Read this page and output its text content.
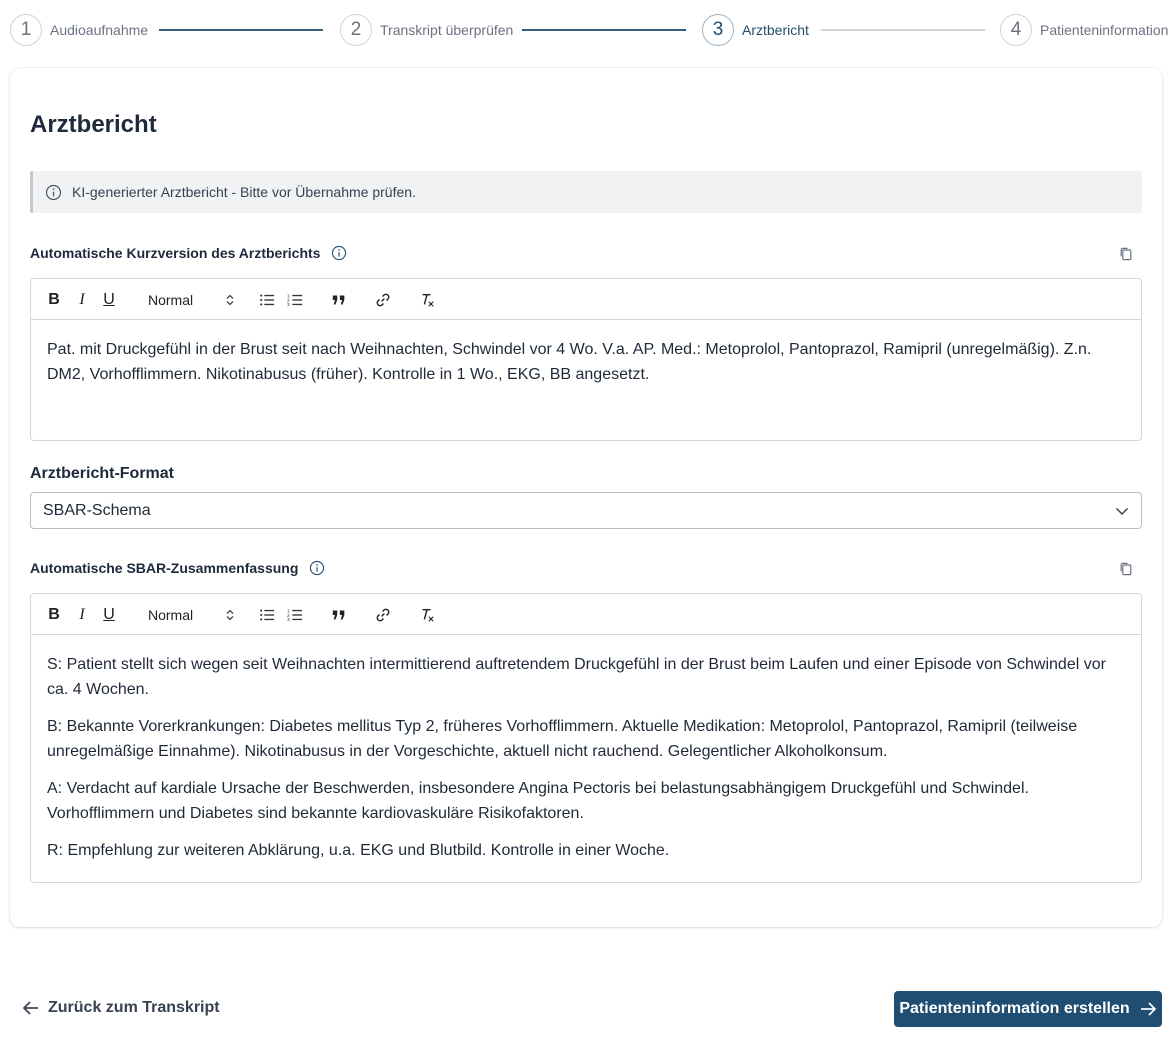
1	Audioaufnahme	2	Transkript überprüfen	3	Arztbericht	4	Patienteninformation
Arztbericht
KI-generierter Arztbericht - Bitte vor Übernahme prüfen.
Automatische Kurzversion des Arztberichts
B I U Normal	1
2
3

Pat. mit Druckgefühl in der Brust seit nach Weihnachten, Schwindel vor 4 Wo. V.a. AP. Med.: Metoprolol, Pantoprazol, Ramipril (unregelmäßig). Z.n. DM2, Vorhofflimmern. Nikotinabusus (früher). Kontrolle in 1 Wo., EKG, BB angesetzt.

Arztbericht-Format
SBAR-Schema
Automatische SBAR-Zusammenfassung
B I U Normal	1
2
3

S: Patient stellt sich wegen seit Weihnachten intermittierend auftretendem Druckgefühl in der Brust beim Laufen und einer Episode von Schwindel vor ca. 4 Wochen.

B: Bekannte Vorerkrankungen: Diabetes mellitus Typ 2, früheres Vorhofflimmern. Aktuelle Medikation: Metoprolol, Pantoprazol, Ramipril (teilweise unregelmäßige Einnahme). Nikotinabusus in der Vorgeschichte, aktuell nicht rauchend. Gelegentlicher Alkoholkonsum.

A: Verdacht auf kardiale Ursache der Beschwerden, insbesondere Angina Pectoris bei belastungsabhängigem Druckgefühl und Schwindel. Vorhofflimmern und Diabetes sind bekannte kardiovaskuläre Risikofaktoren.

R: Empfehlung zur weiteren Abklärung, u.a. EKG und Blutbild. Kontrolle in einer Woche.

Zurück zum Transkript	Patienteninformation erstellen
